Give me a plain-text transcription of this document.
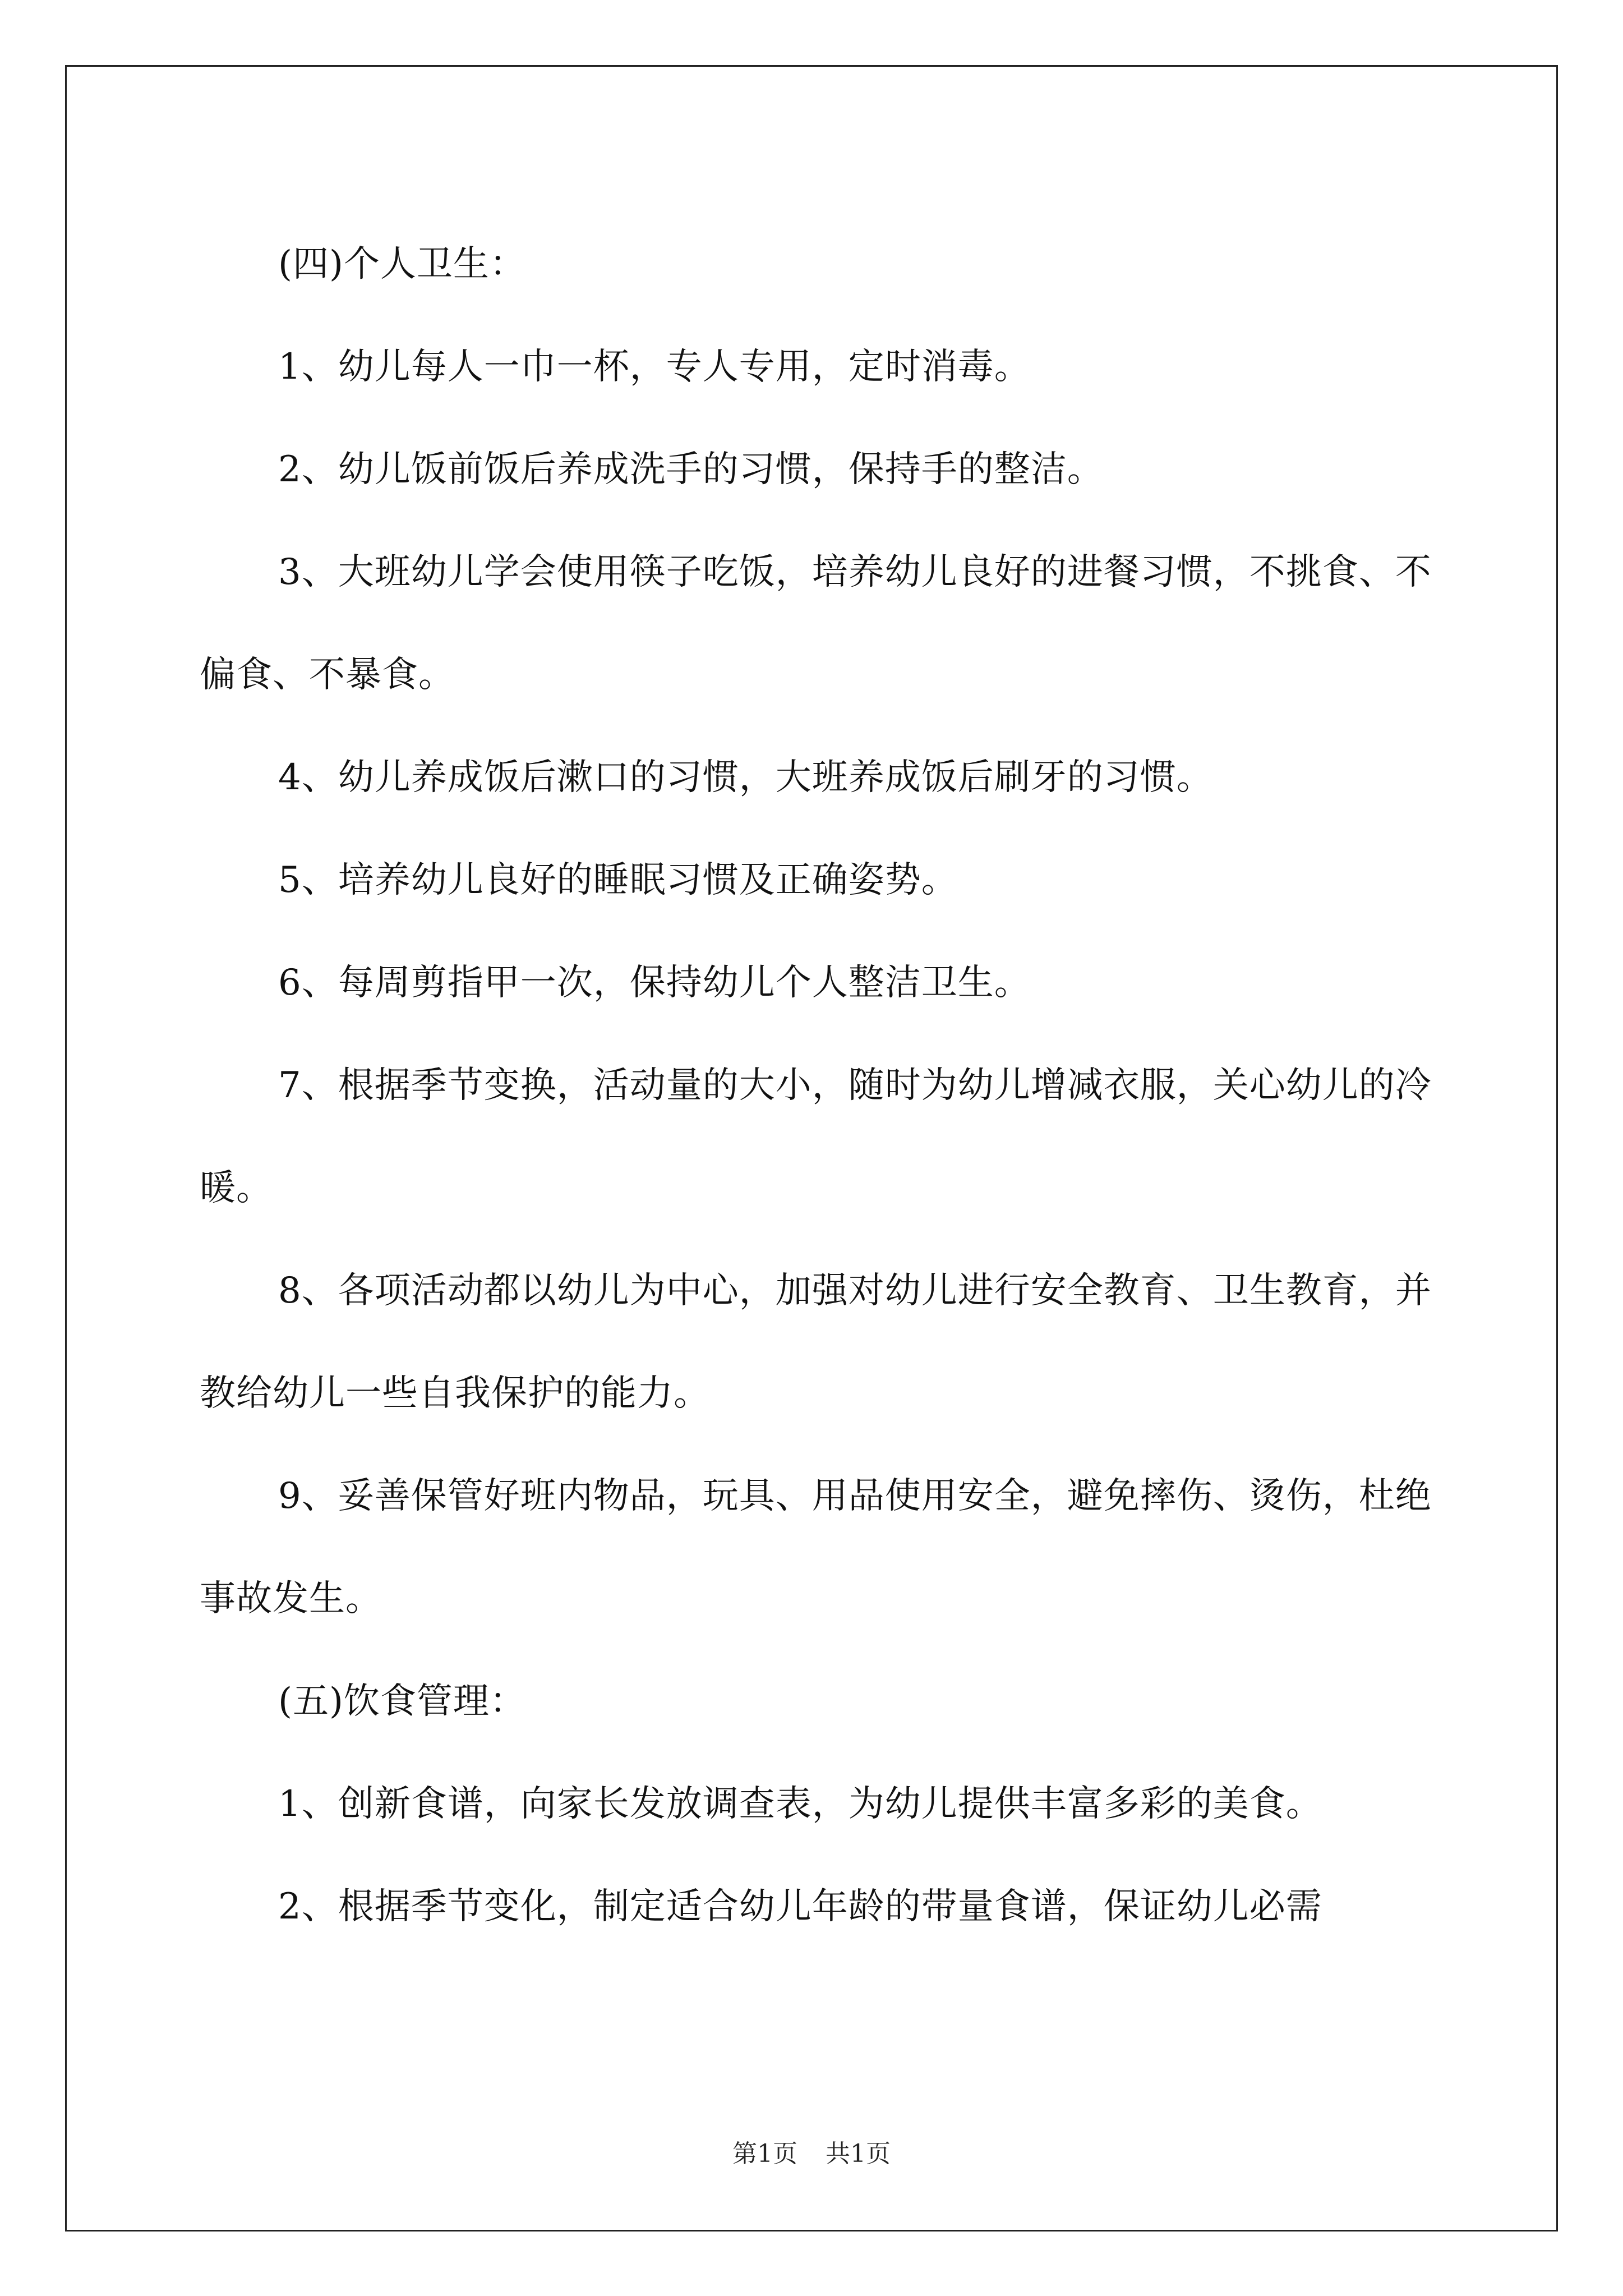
(四)个人卫生：

1、幼儿每人一巾一杯，专人专用，定时消毒。

2、幼儿饭前饭后养成洗手的习惯，保持手的整洁。

3、大班幼儿学会使用筷子吃饭，培养幼儿良好的进餐习惯，不挑食、不偏食、不暴食。

4、幼儿养成饭后漱口的习惯，大班养成饭后刷牙的习惯。

5、培养幼儿良好的睡眠习惯及正确姿势。

6、每周剪指甲一次，保持幼儿个人整洁卫生。

7、根据季节变换，活动量的大小，随时为幼儿增减衣服，关心幼儿的冷暖。

8、各项活动都以幼儿为中心，加强对幼儿进行安全教育、卫生教育，并教给幼儿一些自我保护的能力。

9、妥善保管好班内物品，玩具、用品使用安全，避免摔伤、烫伤，杜绝事故发生。

(五)饮食管理：

1、创新食谱，向家长发放调查表，为幼儿提供丰富多彩的美食。

2、根据季节变化，制定适合幼儿年龄的带量食谱，保证幼儿必需

第1页 共1页
